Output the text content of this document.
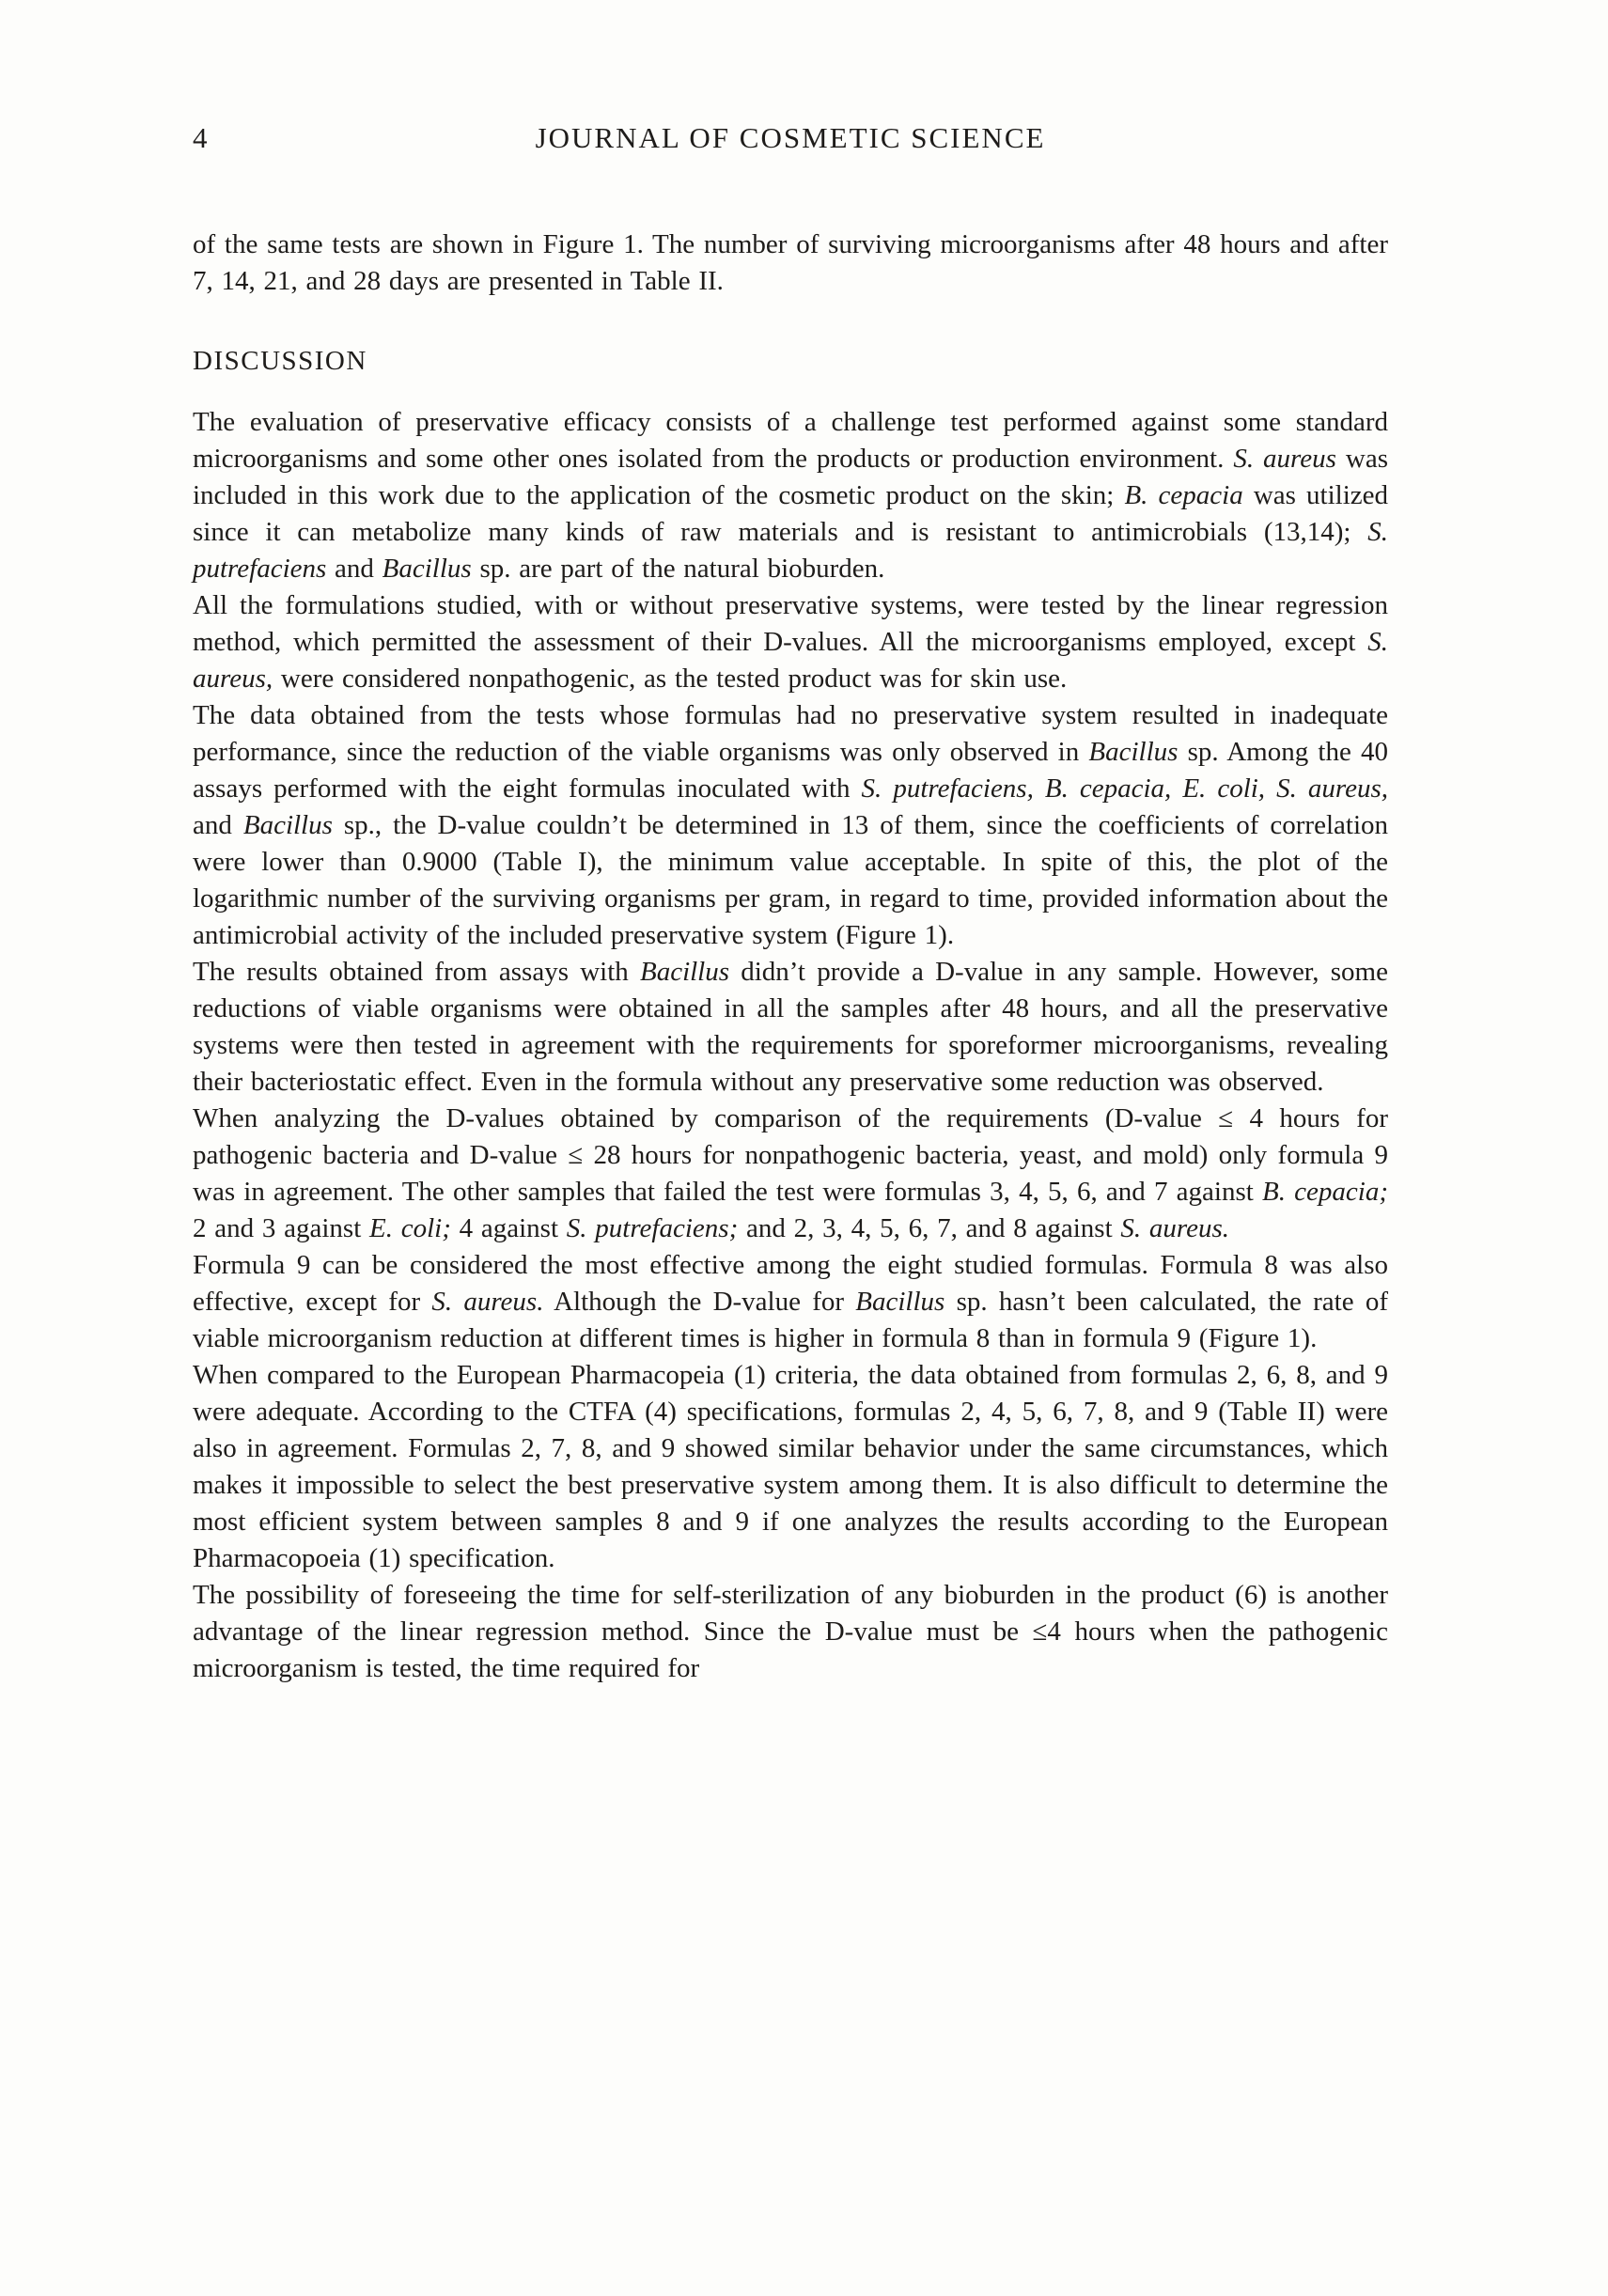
4	JOURNAL OF COSMETIC SCIENCE

of the same tests are shown in Figure 1. The number of surviving microorganisms after 48 hours and after 7, 14, 21, and 28 days are presented in Table II.

DISCUSSION

The evaluation of preservative efficacy consists of a challenge test performed against some standard microorganisms and some other ones isolated from the products or production environment. S. aureus was included in this work due to the application of the cosmetic product on the skin; B. cepacia was utilized since it can metabolize many kinds of raw materials and is resistant to antimicrobials (13,14); S. putrefaciens and Bacillus sp. are part of the natural bioburden.

All the formulations studied, with or without preservative systems, were tested by the linear regression method, which permitted the assessment of their D-values. All the microorganisms employed, except S. aureus, were considered nonpathogenic, as the tested product was for skin use.

The data obtained from the tests whose formulas had no preservative system resulted in inadequate performance, since the reduction of the viable organisms was only observed in Bacillus sp. Among the 40 assays performed with the eight formulas inoculated with S. putrefaciens, B. cepacia, E. coli, S. aureus, and Bacillus sp., the D-value couldn’t be determined in 13 of them, since the coefficients of correlation were lower than 0.9000 (Table I), the minimum value acceptable. In spite of this, the plot of the logarithmic number of the surviving organisms per gram, in regard to time, provided information about the antimicrobial activity of the included preservative system (Figure 1).

The results obtained from assays with Bacillus didn’t provide a D-value in any sample. However, some reductions of viable organisms were obtained in all the samples after 48 hours, and all the preservative systems were then tested in agreement with the requirements for sporeformer microorganisms, revealing their bacteriostatic effect. Even in the formula without any preservative some reduction was observed.

When analyzing the D-values obtained by comparison of the requirements (D-value ≤ 4 hours for pathogenic bacteria and D-value ≤ 28 hours for nonpathogenic bacteria, yeast, and mold) only formula 9 was in agreement. The other samples that failed the test were formulas 3, 4, 5, 6, and 7 against B. cepacia; 2 and 3 against E. coli; 4 against S. putrefaciens; and 2, 3, 4, 5, 6, 7, and 8 against S. aureus.

Formula 9 can be considered the most effective among the eight studied formulas. Formula 8 was also effective, except for S. aureus. Although the D-value for Bacillus sp. hasn’t been calculated, the rate of viable microorganism reduction at different times is higher in formula 8 than in formula 9 (Figure 1).

When compared to the European Pharmacopeia (1) criteria, the data obtained from formulas 2, 6, 8, and 9 were adequate. According to the CTFA (4) specifications, formulas 2, 4, 5, 6, 7, 8, and 9 (Table II) were also in agreement. Formulas 2, 7, 8, and 9 showed similar behavior under the same circumstances, which makes it impossible to select the best preservative system among them. It is also difficult to determine the most efficient system between samples 8 and 9 if one analyzes the results according to the European Pharmacopoeia (1) specification.

The possibility of foreseeing the time for self-sterilization of any bioburden in the product (6) is another advantage of the linear regression method. Since the D-value must be ≤4 hours when the pathogenic microorganism is tested, the time required for
